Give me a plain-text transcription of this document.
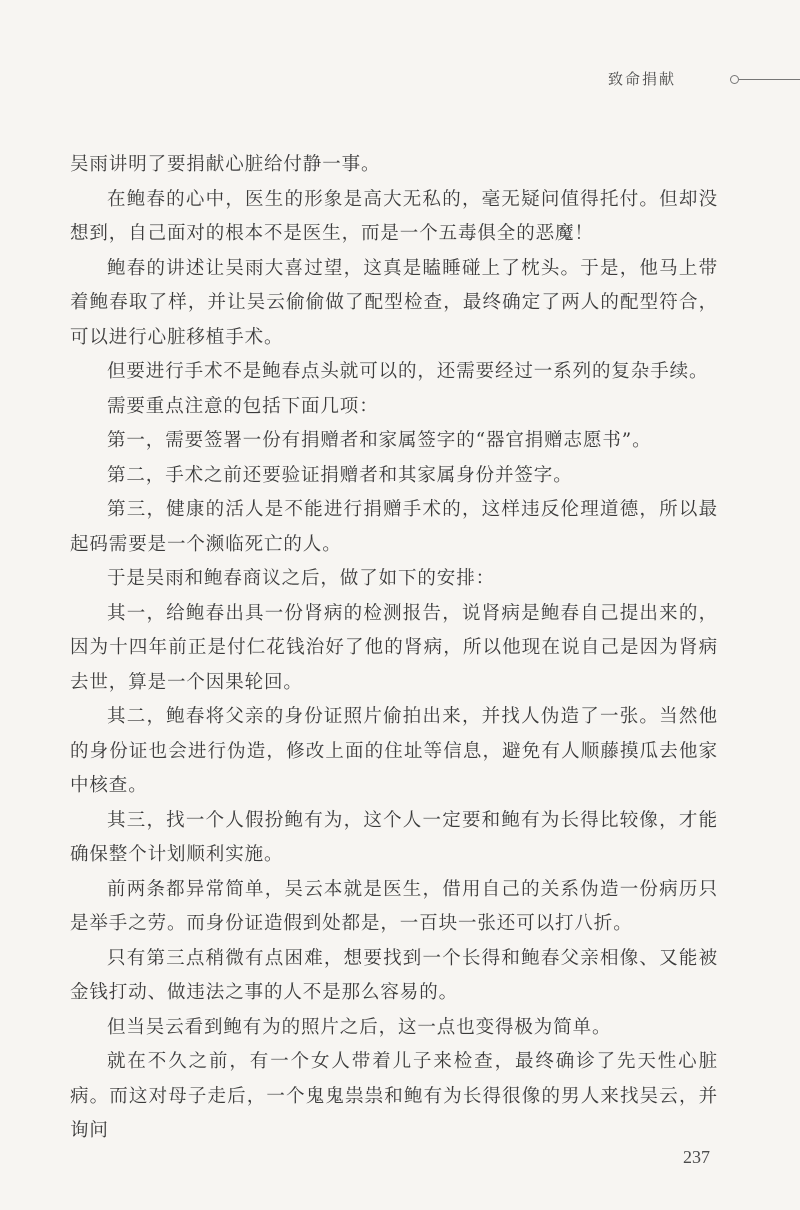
致命捐献

吴雨讲明了要捐献心脏给付静一事。

在鲍春的心中，医生的形象是高大无私的，毫无疑问值得托付。但却没想到，自己面对的根本不是医生，而是一个五毒俱全的恶魔！

鲍春的讲述让吴雨大喜过望，这真是瞌睡碰上了枕头。于是，他马上带着鲍春取了样，并让吴云偷偷做了配型检查，最终确定了两人的配型符合，可以进行心脏移植手术。

但要进行手术不是鲍春点头就可以的，还需要经过一系列的复杂手续。

需要重点注意的包括下面几项：

第一，需要签署一份有捐赠者和家属签字的“器官捐赠志愿书”。

第二，手术之前还要验证捐赠者和其家属身份并签字。

第三，健康的活人是不能进行捐赠手术的，这样违反伦理道德，所以最起码需要是一个濒临死亡的人。

于是吴雨和鲍春商议之后，做了如下的安排：

其一，给鲍春出具一份肾病的检测报告，说肾病是鲍春自己提出来的，因为十四年前正是付仁花钱治好了他的肾病，所以他现在说自己是因为肾病去世，算是一个因果轮回。

其二，鲍春将父亲的身份证照片偷拍出来，并找人伪造了一张。当然他的身份证也会进行伪造，修改上面的住址等信息，避免有人顺藤摸瓜去他家中核查。

其三，找一个人假扮鲍有为，这个人一定要和鲍有为长得比较像，才能确保整个计划顺利实施。

前两条都异常简单，吴云本就是医生，借用自己的关系伪造一份病历只是举手之劳。而身份证造假到处都是，一百块一张还可以打八折。

只有第三点稍微有点困难，想要找到一个长得和鲍春父亲相像、又能被金钱打动、做违法之事的人不是那么容易的。

但当吴云看到鲍有为的照片之后，这一点也变得极为简单。

就在不久之前，有一个女人带着儿子来检查，最终确诊了先天性心脏病。而这对母子走后，一个鬼鬼祟祟和鲍有为长得很像的男人来找吴云，并询问

237
